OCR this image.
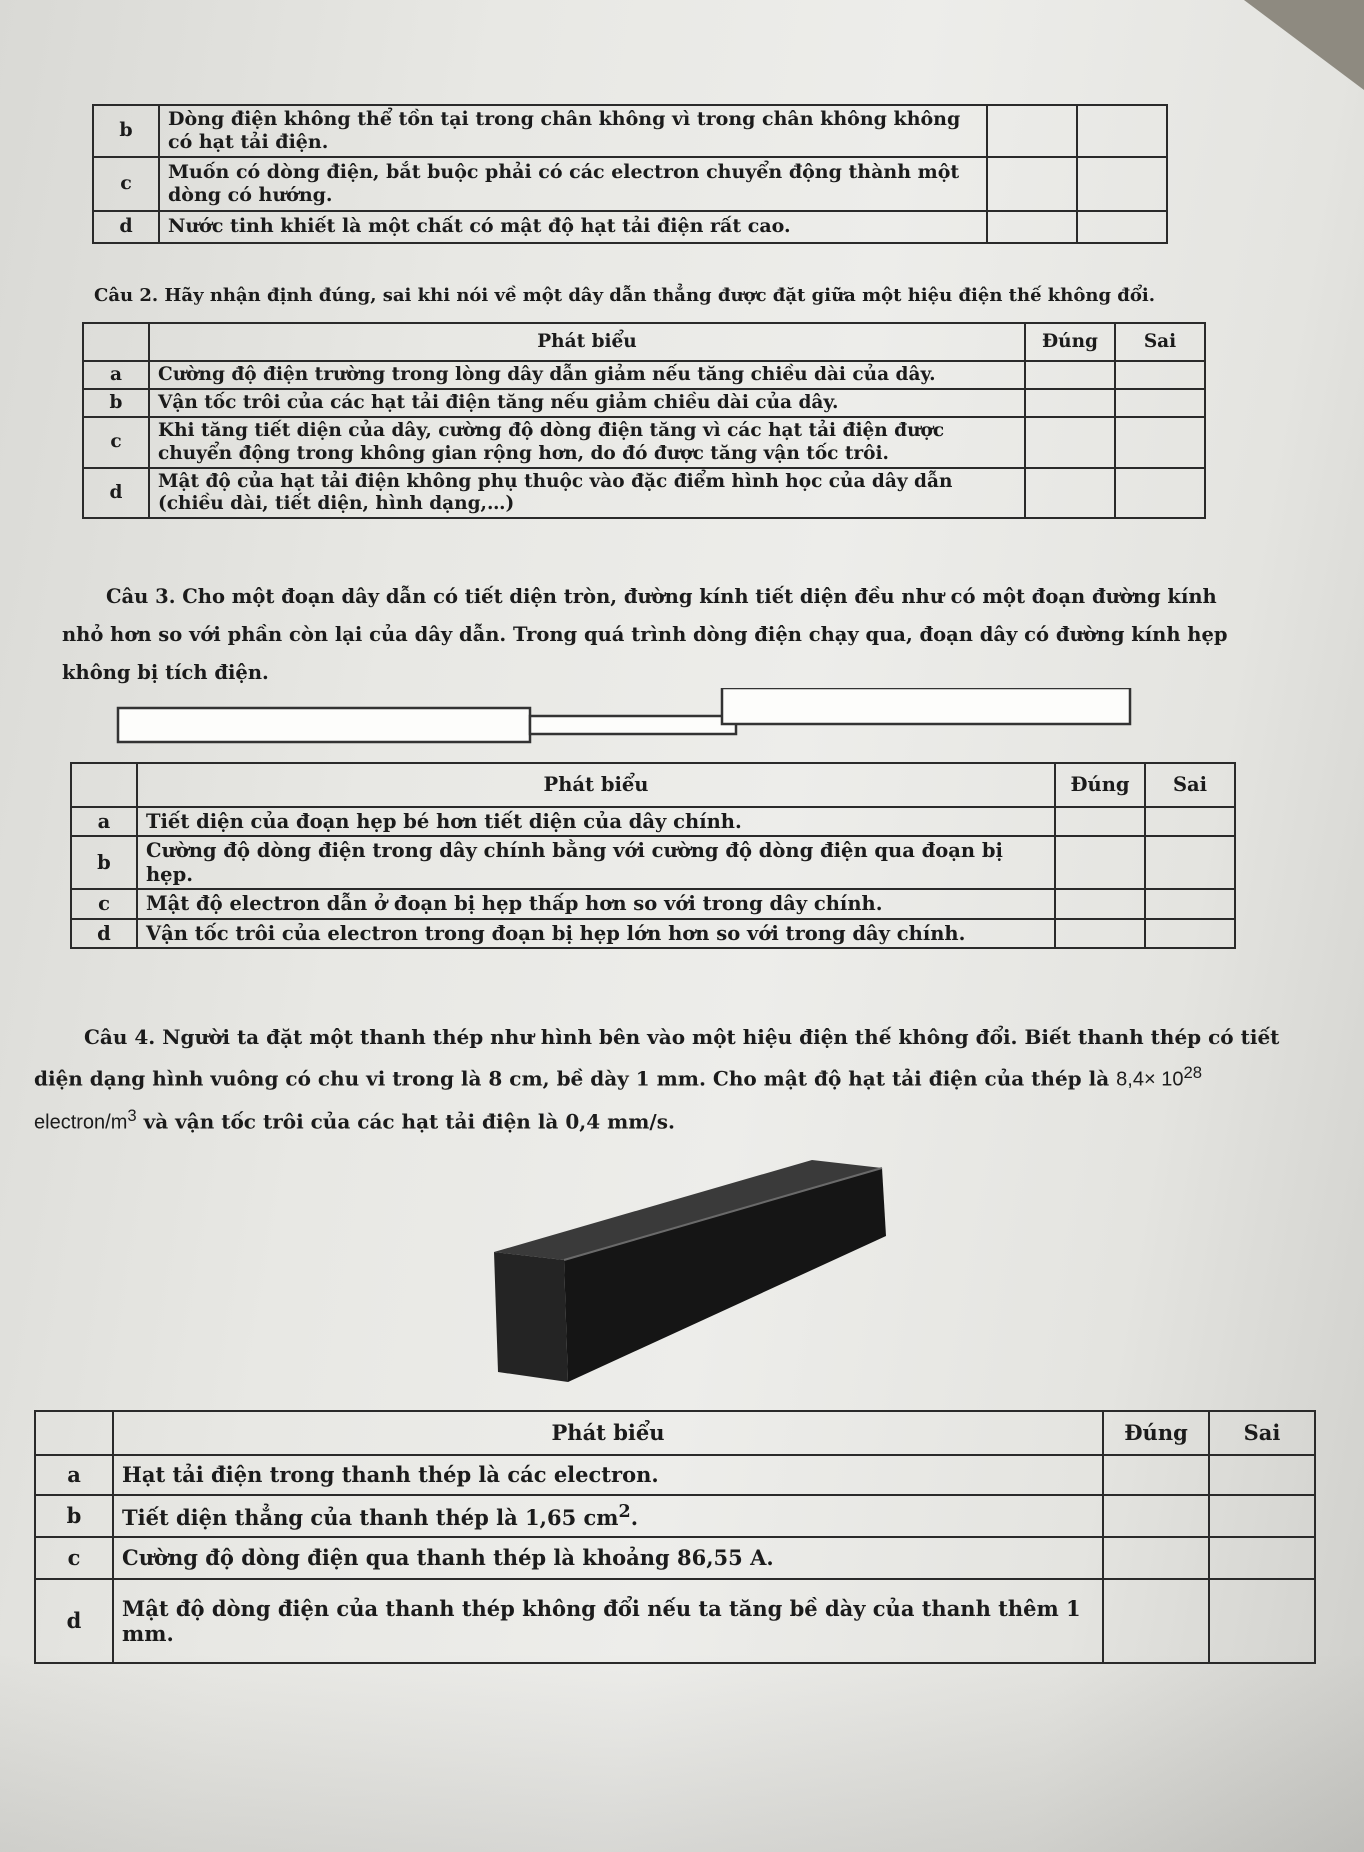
b	Dòng điện không thể tồn tại trong chân không vì trong chân không không có hạt tải điện.		
c	Muốn có dòng điện, bắt buộc phải có các electron chuyển động thành một dòng có hướng.		
d	Nước tinh khiết là một chất có mật độ hạt tải điện rất cao.		
Câu 2. Hãy nhận định đúng, sai khi nói về một dây dẫn thẳng được đặt giữa một hiệu điện thế không đổi.
	Phát biểu	Đúng	Sai
a	Cường độ điện trường trong lòng dây dẫn giảm nếu tăng chiều dài của dây.		
b	Vận tốc trôi của các hạt tải điện tăng nếu giảm chiều dài của dây.		
c	Khi tăng tiết diện của dây, cường độ dòng điện tăng vì các hạt tải điện được chuyển động trong không gian rộng hơn, do đó được tăng vận tốc trôi.		
d	Mật độ của hạt tải điện không phụ thuộc vào đặc điểm hình học của dây dẫn (chiều dài, tiết diện, hình dạng,…)		
Câu 3. Cho một đoạn dây dẫn có tiết diện tròn, đường kính tiết diện đều như có một đoạn đường kính nhỏ hơn so với phần còn lại của dây dẫn. Trong quá trình dòng điện chạy qua, đoạn dây có đường kính hẹp không bị tích điện.
	Phát biểu	Đúng	Sai
a	Tiết diện của đoạn hẹp bé hơn tiết diện của dây chính.		
b	Cường độ dòng điện trong dây chính bằng với cường độ dòng điện qua đoạn bị hẹp.		
c	Mật độ electron dẫn ở đoạn bị hẹp thấp hơn so với trong dây chính.		
d	Vận tốc trôi của electron trong đoạn bị hẹp lớn hơn so với trong dây chính.		
Câu 4. Người ta đặt một thanh thép như hình bên vào một hiệu điện thế không đổi. Biết thanh thép có tiết diện dạng hình vuông có chu vi trong là 8 cm, bề dày 1 mm. Cho mật độ hạt tải điện của thép là $8,4\times 10^{28}$ electron/$m^3$ và vận tốc trôi của các hạt tải điện là 0,4 mm/s.
	Phát biểu	Đúng	Sai
a	Hạt tải điện trong thanh thép là các electron.		
b	Tiết diện thẳng của thanh thép là 1,65 $cm^2$.		
c	Cường độ dòng điện qua thanh thép là khoảng 86,55 A.		
d	Mật độ dòng điện của thanh thép không đổi nếu ta tăng bề dày của thanh thêm 1 mm.		
